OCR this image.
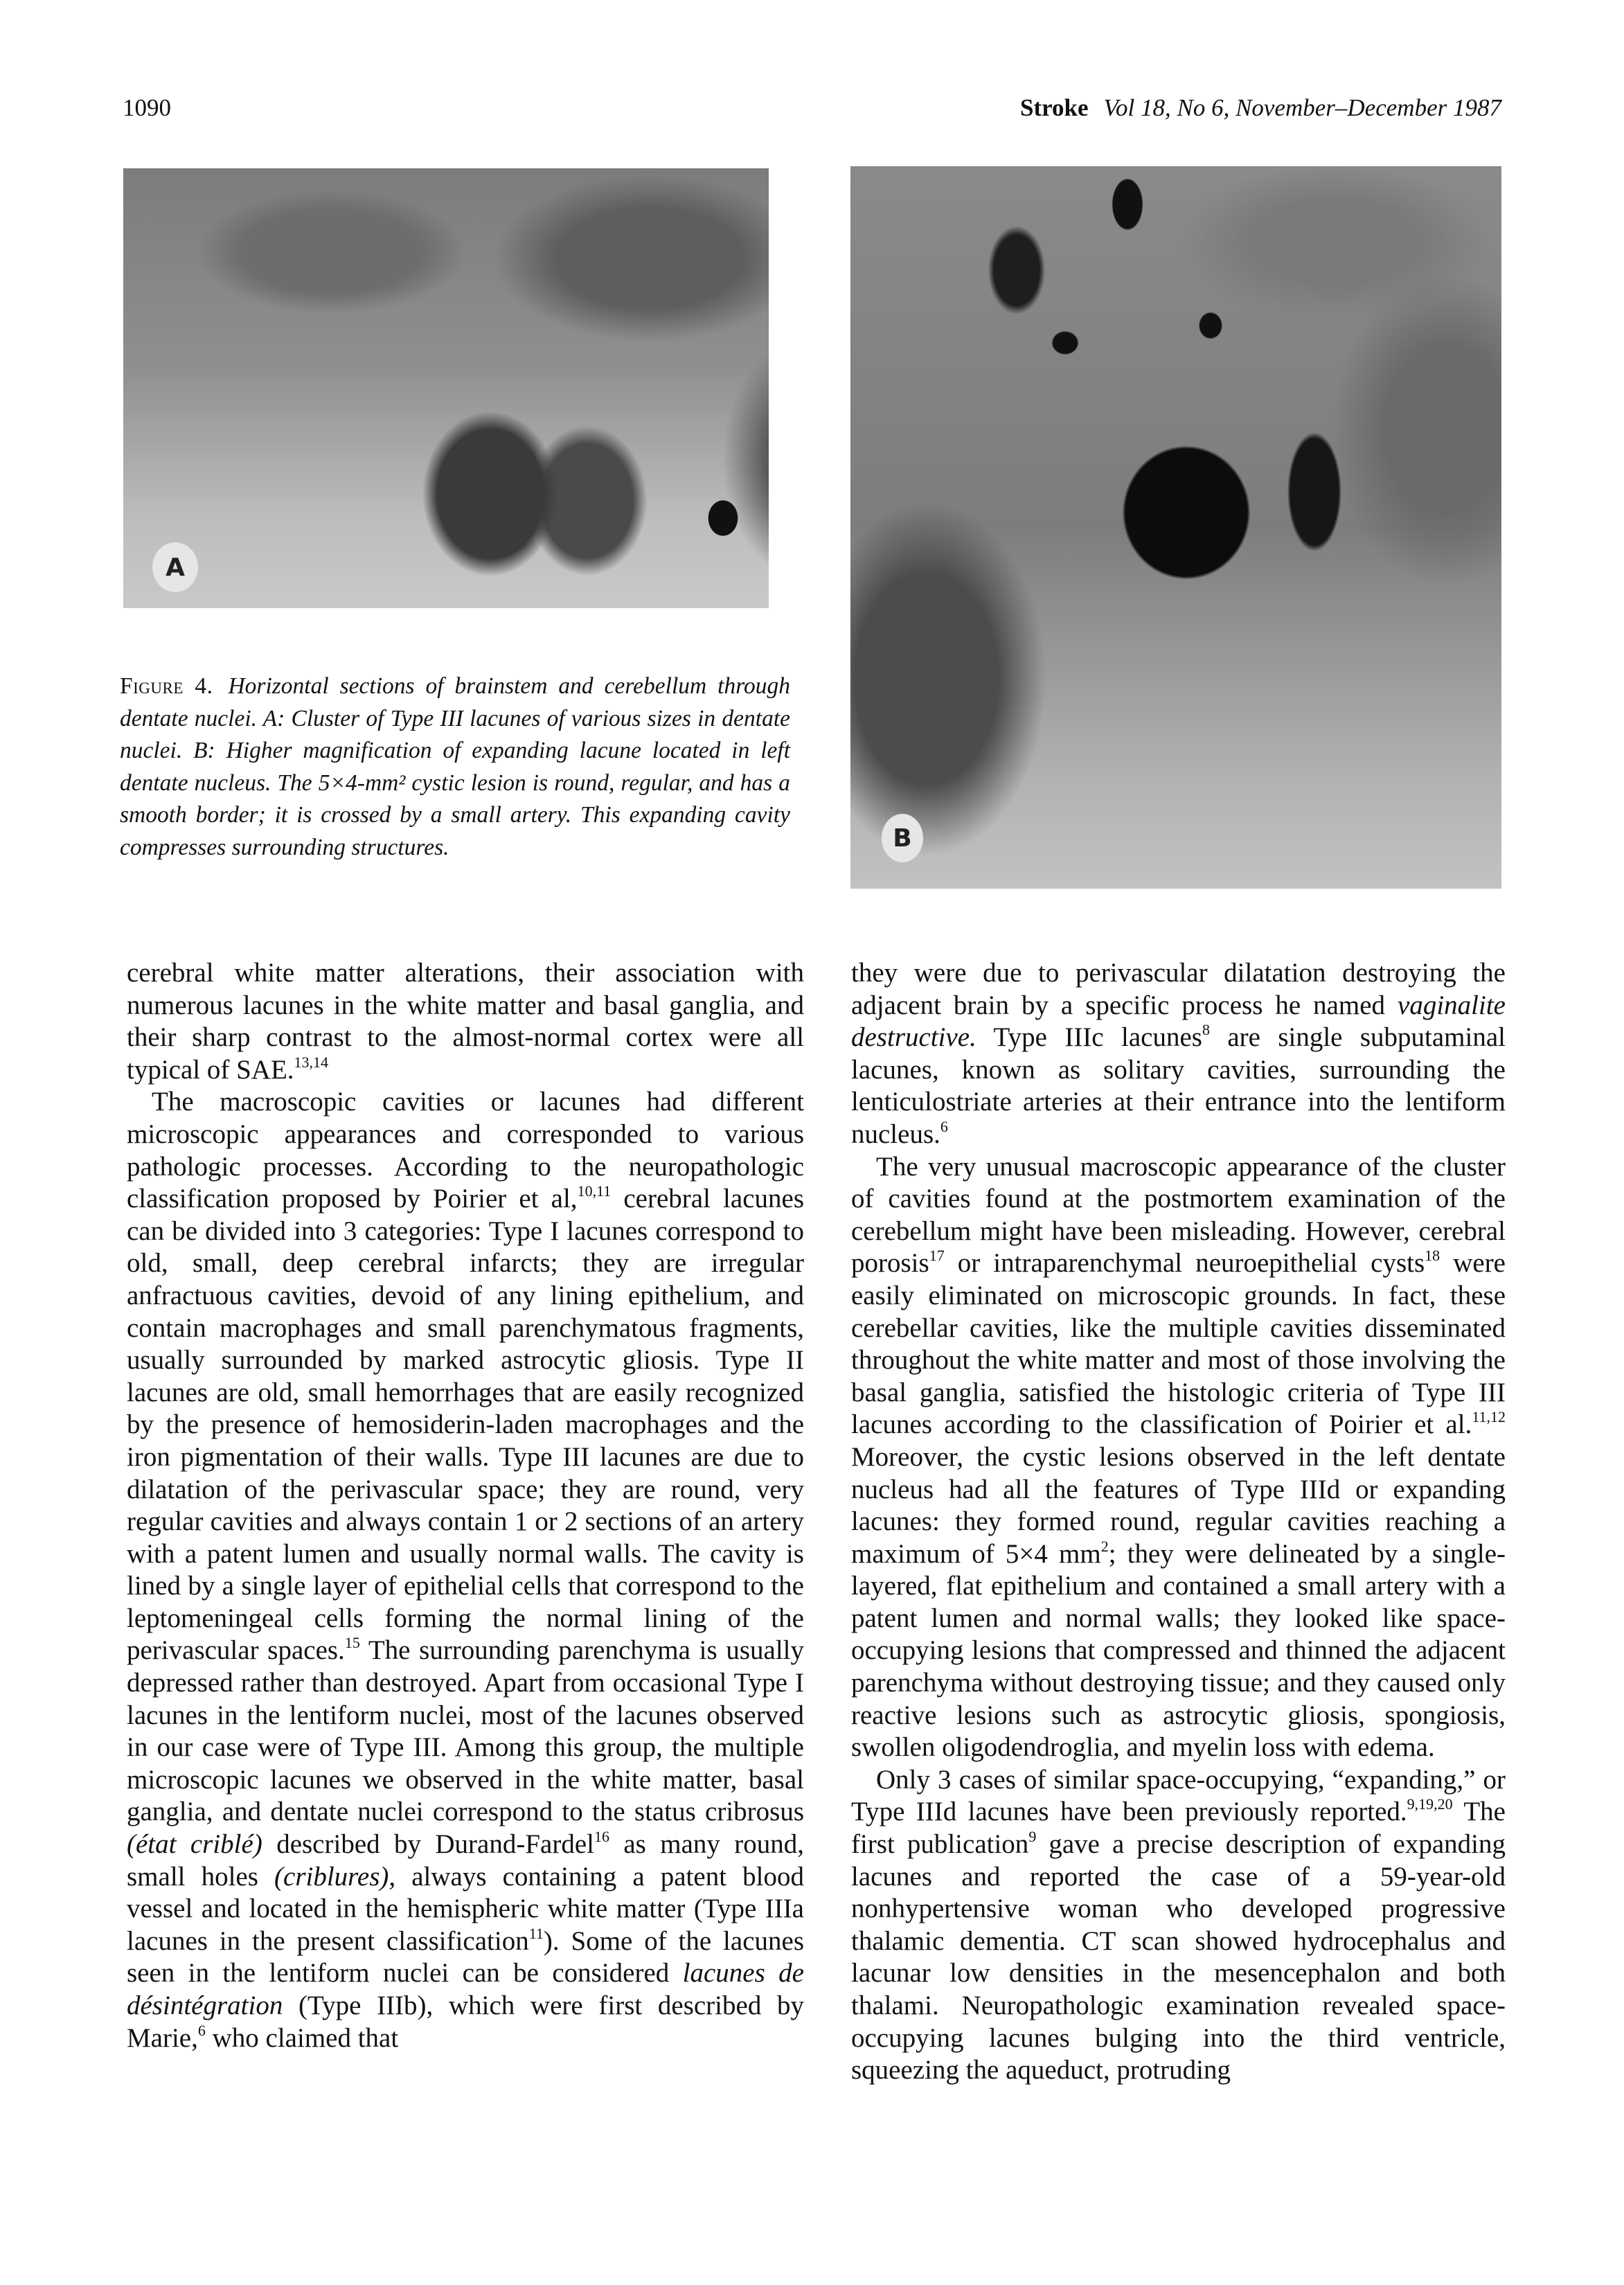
1090	Stroke Vol 18, No 6, November–December 1987
A
B
Figure 4. Horizontal sections of brainstem and cerebellum through dentate nuclei. A: Cluster of Type III lacunes of various sizes in dentate nuclei. B: Higher magnification of expanding lacune located in left dentate nucleus. The 5×4-mm² cystic lesion is round, regular, and has a smooth border; it is crossed by a small artery. This expanding cavity compresses surrounding structures.

cerebral white matter alterations, their association with numerous lacunes in the white matter and basal ganglia, and their sharp contrast to the almost-normal cortex were all typical of SAE.$^{13,14}$

The macroscopic cavities or lacunes had different microscopic appearances and corresponded to various pathologic processes. According to the neuropathologic classification proposed by Poirier et al,$^{10,11}$ cerebral lacunes can be divided into 3 categories: Type I lacunes correspond to old, small, deep cerebral infarcts; they are irregular anfractuous cavities, devoid of any lining epithelium, and contain macrophages and small parenchymatous fragments, usually surrounded by marked astrocytic gliosis. Type II lacunes are old, small hemorrhages that are easily recognized by the presence of hemosiderin-laden macrophages and the iron pigmentation of their walls. Type III lacunes are due to dilatation of the perivascular space; they are round, very regular cavities and always contain 1 or 2 sections of an artery with a patent lumen and usually normal walls. The cavity is lined by a single layer of epithelial cells that correspond to the leptomeningeal cells forming the normal lining of the perivascular spaces.$^{15}$ The surrounding parenchyma is usually depressed rather than destroyed. Apart from occasional Type I lacunes in the lentiform nuclei, most of the lacunes observed in our case were of Type III. Among this group, the multiple microscopic lacunes we observed in the white matter, basal ganglia, and dentate nuclei correspond to the status cribrosus (état criblé) described by Durand-Fardel$^{16}$ as many round, small holes (criblures), always containing a patent blood vessel and located in the hemispheric white matter (Type IIIa lacunes in the present classification$^{11}$). Some of the lacunes seen in the lentiform nuclei can be considered lacunes de désintégration (Type IIIb), which were first described by Marie,$^6$ who claimed that

they were due to perivascular dilatation destroying the adjacent brain by a specific process he named vaginalite destructive. Type IIIc lacunes$^8$ are single subputaminal lacunes, known as solitary cavities, surrounding the lenticulostriate arteries at their entrance into the lentiform nucleus.$^6$

The very unusual macroscopic appearance of the cluster of cavities found at the postmortem examination of the cerebellum might have been misleading. However, cerebral porosis$^{17}$ or intraparenchymal neuroepithelial cysts$^{18}$ were easily eliminated on microscopic grounds. In fact, these cerebellar cavities, like the multiple cavities disseminated throughout the white matter and most of those involving the basal ganglia, satisfied the histologic criteria of Type III lacunes according to the classification of Poirier et al.$^{11,12}$ Moreover, the cystic lesions observed in the left dentate nucleus had all the features of Type IIId or expanding lacunes: they formed round, regular cavities reaching a maximum of 5×4 $mm^2$; they were delineated by a single-layered, flat epithelium and contained a small artery with a patent lumen and normal walls; they looked like space-occupying lesions that compressed and thinned the adjacent parenchyma without destroying tissue; and they caused only reactive lesions such as astrocytic gliosis, spongiosis, swollen oligodendroglia, and myelin loss with edema.

Only 3 cases of similar space-occupying, “expanding,” or Type IIId lacunes have been previously reported.$^{9,19,20}$ The first publication$^9$ gave a precise description of expanding lacunes and reported the case of a 59-year-old nonhypertensive woman who developed progressive thalamic dementia. CT scan showed hydrocephalus and lacunar low densities in the mesencephalon and both thalami. Neuropathologic examination revealed space-occupying lacunes bulging into the third ventricle, squeezing the aqueduct, protruding
